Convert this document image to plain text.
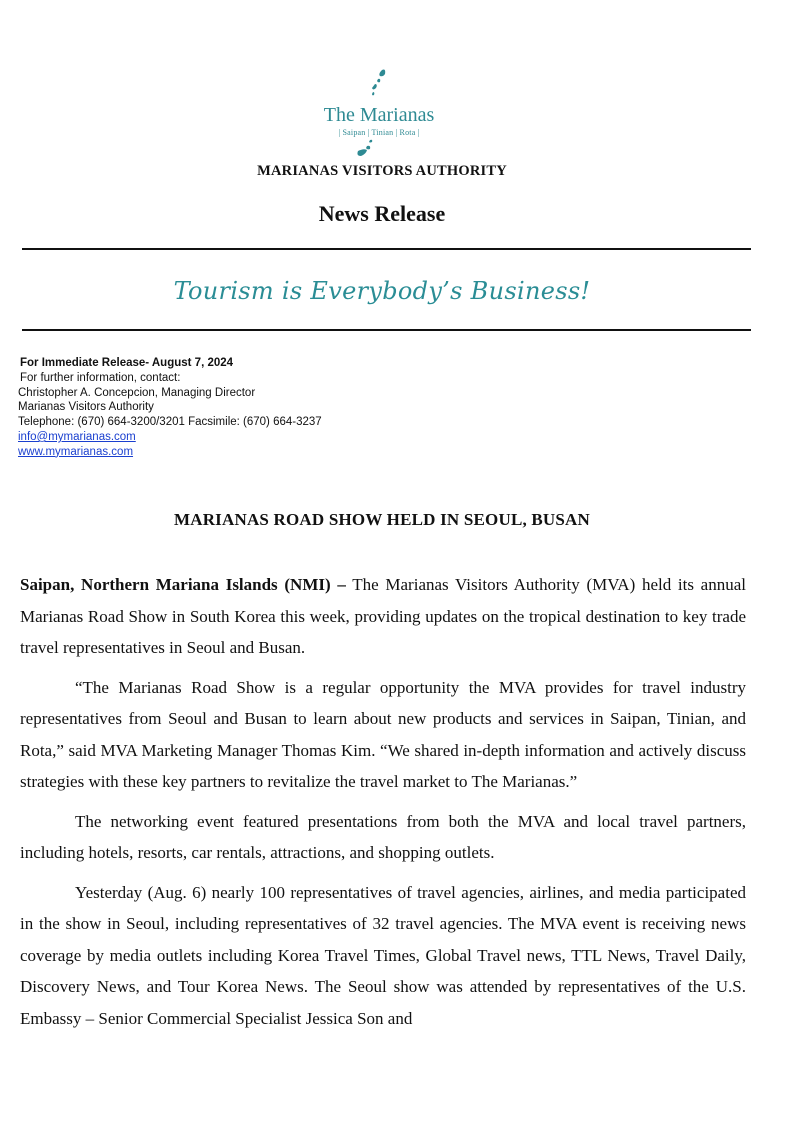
The Marianas
| Saipan | Tinian | Rota |
MARIANAS VISITORS AUTHORITY
News Release
Tourism is Everybody’s Business!
For Immediate Release- August 7, 2024
For further information, contact:
Christopher A. Concepcion, Managing Director
Marianas Visitors Authority
Telephone: (670) 664-3200/3201 Facsimile: (670) 664-3237
info@mymarianas.com
www.mymarianas.com
MARIANAS ROAD SHOW HELD IN SEOUL, BUSAN

Saipan, Northern Mariana Islands (NMI) – The Marianas Visitors Authority (MVA) held its annual Marianas Road Show in South Korea this week, providing updates on the tropical destination to key trade travel representatives in Seoul and Busan.

“The Marianas Road Show is a regular opportunity the MVA provides for travel industry representatives from Seoul and Busan to learn about new products and services in Saipan, Tinian, and Rota,” said MVA Marketing Manager Thomas Kim. “We shared in-depth information and actively discuss strategies with these key partners to revitalize the travel market to The Marianas.”

The networking event featured presentations from both the MVA and local travel partners, including hotels, resorts, car rentals, attractions, and shopping outlets.

Yesterday (Aug. 6) nearly 100 representatives of travel agencies, airlines, and media participated in the show in Seoul, including representatives of 32 travel agencies. The MVA event is receiving news coverage by media outlets including Korea Travel Times, Global Travel news, TTL News, Travel Daily, Discovery News, and Tour Korea News. The Seoul show was attended by representatives of the U.S. Embassy – Senior Commercial Specialist Jessica Son and
